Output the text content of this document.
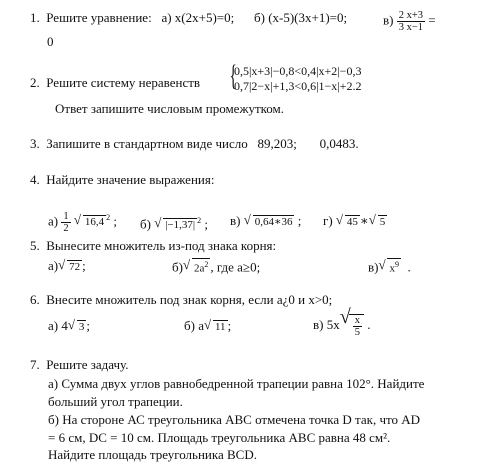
1. Решите уравнение: а) x(2x+5)=0; б) (x-5)(3x+1)=0;	$в) \frac{2 x+3}{3 x-1}$ =
0
2. Решите систему неравенств {
0,5|x+3|−0,8<0,4|x+2|−0,3
0,7|2−x|+1,3<0,6|1−x|+2.2
Ответ запишите числовым промежутком.
3. Запишите в стандартном виде число 89,203; 0,0483.
4. Найдите значение выражения:
$а) \frac{1}{2}$
√ 16,4 $^2$ ; б) √ |−1,37| $^2$ ; в) √ 0,64∗36 ; г) √ 45 ∗ √ 5
5. Вынесите множитель из-под знака корня:
а) √ 72 ;	б) √ $2a^2$ , где a≥0;	в) √ $x^9$ .
6. Внесите множитель под знак корня, если a¿0 и x>0;
а) 4 √ 3 ;	б) a √ 11 ;	в) 5x √ $\frac{x}{5}$ .
7. Решите задачу.
а) Сумма двух углов равнобедренной трапеции равна 102°. Найдите
больший угол трапеции.
б) На стороне АС треугольника АВС отмечена точка D так, что AD
= 6 см, DC = 10 см. Площадь треугольника АВС равна 48 см².
Найдите площадь треугольника BCD.
